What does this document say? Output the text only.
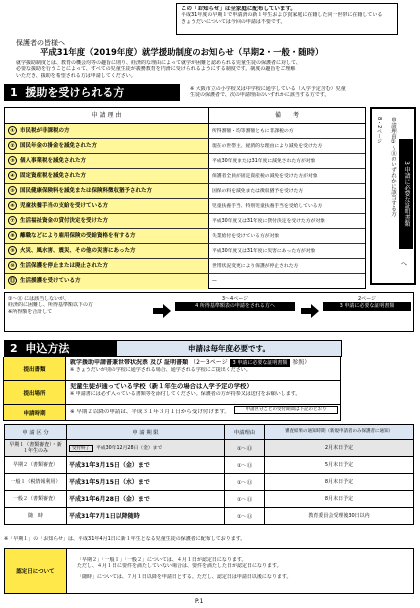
この「お知らせ」は全家庭に配布しています。
平成31年度の早期１で申請済の新１年生および貴家庭に在籍した同一世帯に在籍している
きょうだいについては今回の申請は不要です。
保護者の皆様へ
平成31年度（2019年度）就学援助制度のお知らせ（早期2・一般・随時）
就学援助制度とは、教育の機会均等の趣旨に則り、経済的な理由によって就学が困難と認められる児童生徒の保護者に対して、
必要な援助を行うことによって、すべての児童生徒が義務教育を円滑に受けられるようにする制度です。制度の趣旨をご理解
いただき、援助を希望される方は申請してください。
1 援助を受けられる方	※ 大阪市立の小学校又は中学校に通学している（入学予定含む）児童
生徒の保護者で、次の申請理由のいずれかに該当する方です。
申 請 理 由	備　　考
① 市民税が非課税の方	所得割額・均等割額ともに非課税の方
② 国民年金の掛金を減免された方	現在の世帯主、経済的な理由により減免を受けた方
③ 個人事業税を減免された方	平成30年度または31年度に減免された方が対象
④ 固定資産税を減免された方	保護者全員が固定資産税の減免を受けた方が対象
⑤ 国民健康保険料を減免または保険料徴収猶予された方	国保の料を減免または徴収猶予を受けた方
⑥ 児童扶養手当の支給を受けている方	児童扶養手当、特別児童扶養手当を受給している方
⑦ 生活福祉資金の貸付決定を受けた方	平成30年度又は31年度に貸付決定を受けた方が対象
⑧ 離職などにより雇用保険の受給資格を有する方	失業給付を受けている方が対象
⑨ 火災、風水害、震災、その他の災害にあった方	平成30年度又は31年度に災害にあった方が対象
⑩ 生活保護を停止または廃止された方	世帯状況変更により保護が停止された方
⑪ 生活援護を受けている方	—
8・2ページ	申請理由①〜⑪のいずれかに該当する方	3 申請に必要な証明書類
へ
①〜⑪ には該当しないが、
経済的に困難し、所得基準額以下の方
※所得額を合計して
3〜4ページ
4 所得基準額表の申請をされる方へ
2ページ
3 申請に必要な証明書類
2 申込方法	申請は毎年度必要です。
提出書類
就学援助申請書兼世帯状況票 及び 証明書類 （2〜3ページ 3 申請に必要な証明書類 参照）
※ きょうだいが別の学校に通学される場合、通学される学校にご提出ください。
提出場所
児童生徒が通っている学校（新１年生の場合は入学予定の学校）
※ 申請書には必ず入っている書類等を添付してください。保護者の方が持参又は送付をお願いします。
申請時期	※ 早期２以降の申請は、平成３１年３月１日から受け付けます。	申請区分ごとの受付期間は下記のとおり
申 請 区 分	申 請 期 限	申請理由	審査結果の通知時期（新規申請者のみ保護者に通知）
早期１（書類審査）・新１年生のみ	受付終了 平成30年12月28日（金）まで	①〜⑪	2月末日予定
早期２（書類審査）	平成31年3月15日（金）まで	①〜⑪	5月末日予定
一般１（税情報利用）	平成31年5月15日（水）まで	①〜⑪	8月末日予定
一般２（書類審査）	平成31年6月28日（金）まで	①〜⑪	8月末日予定
随　時	平成31年7月1日以降随時	①〜⑪	教育委員会受理後30日以内
※「早期１」の「お知らせ」は、平成31年4月1日に新１年生となる児童生徒の保護者に配布しております。
認定日について
「早期２」「一般１」「一般２」については、４月１日が認定日になります。
ただし、４月１日に要件を満たしていない場合は、要件を満たした日が認定日になります。
「随時」については、７月１日以降を申請日とする。ただし、認定日は申請日以後になります。
P.1
